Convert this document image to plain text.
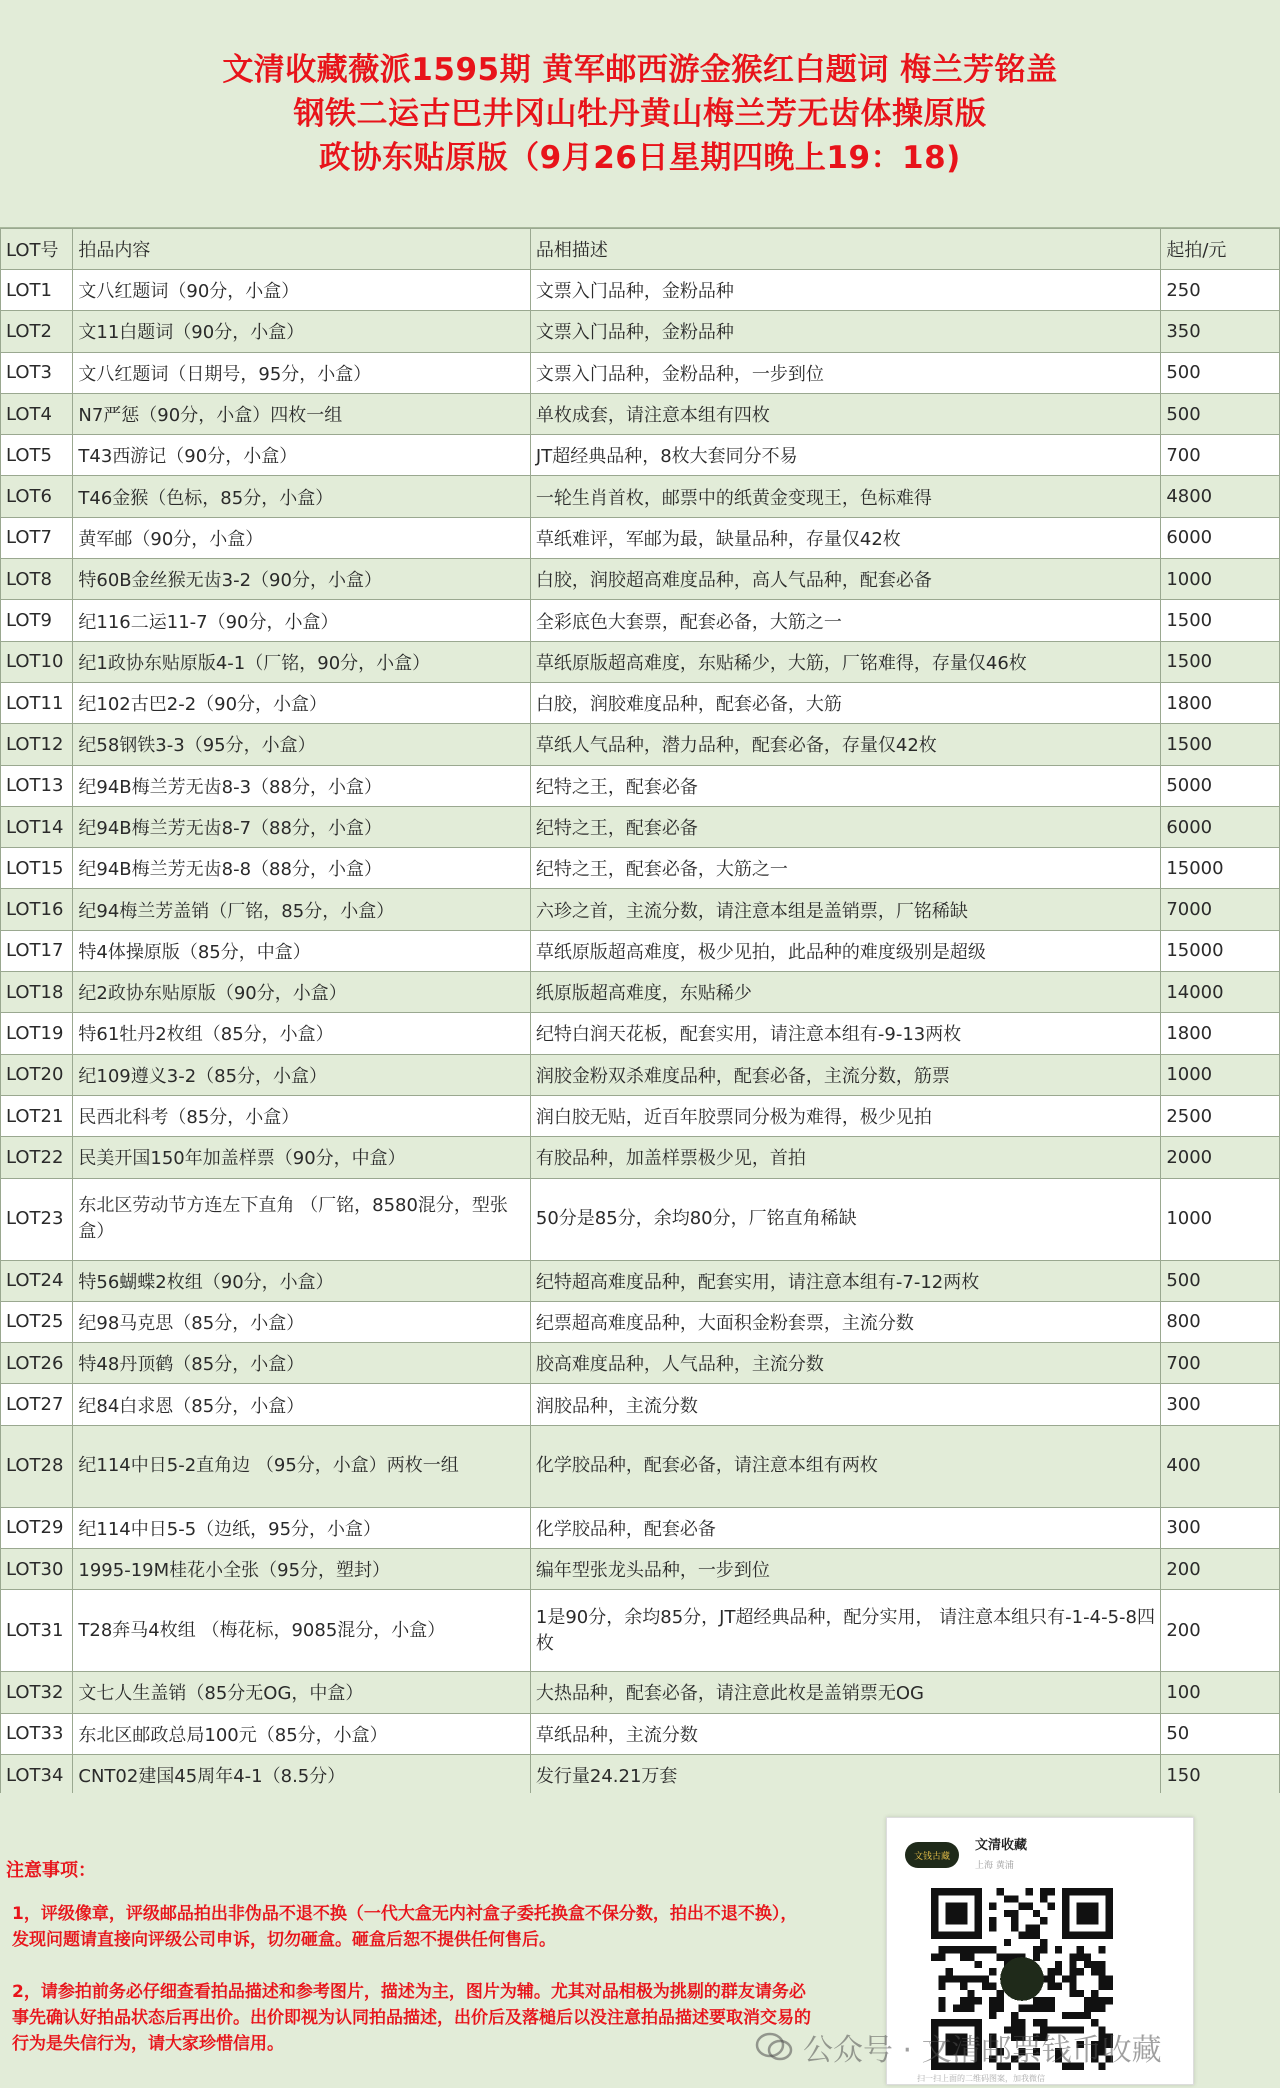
文清收藏薇派1595期 黄军邮西游金猴红白题词 梅兰芳铭盖
钢铁二运古巴井冈山牡丹黄山梅兰芳无齿体操原版
政协东贴原版（9月26日星期四晚上19：18)
LOT号	拍品内容	品相描述	起拍/元
LOT1	文八红题词（90分，小盒）	文票入门品种，金粉品种	250
LOT2	文11白题词（90分，小盒）	文票入门品种，金粉品种	350
LOT3	文八红题词（日期号，95分，小盒）	文票入门品种，金粉品种，一步到位	500
LOT4	N7严惩（90分，小盒）四枚一组	单枚成套，请注意本组有四枚	500
LOT5	T43西游记（90分，小盒）	JT超经典品种，8枚大套同分不易	700
LOT6	T46金猴（色标，85分，小盒）	一轮生肖首枚，邮票中的纸黄金变现王，色标难得	4800
LOT7	黄军邮（90分，小盒）	草纸难评，军邮为最，缺量品种，存量仅42枚	6000
LOT8	特60B金丝猴无齿3-2（90分，小盒）	白胶，润胶超高难度品种，高人气品种，配套必备	1000
LOT9	纪116二运11-7（90分，小盒）	全彩底色大套票，配套必备，大筋之一	1500
LOT10	纪1政协东贴原版4-1（厂铭，90分，小盒）	草纸原版超高难度，东贴稀少，大筋，厂铭难得，存量仅46枚	1500
LOT11	纪102古巴2-2（90分，小盒）	白胶，润胶难度品种，配套必备，大筋	1800
LOT12	纪58钢铁3-3（95分，小盒）	草纸人气品种，潜力品种，配套必备，存量仅42枚	1500
LOT13	纪94B梅兰芳无齿8-3（88分，小盒）	纪特之王，配套必备	5000
LOT14	纪94B梅兰芳无齿8-7（88分，小盒）	纪特之王，配套必备	6000
LOT15	纪94B梅兰芳无齿8-8（88分，小盒）	纪特之王，配套必备，大筋之一	15000
LOT16	纪94梅兰芳盖销（厂铭，85分，小盒）	六珍之首，主流分数，请注意本组是盖销票，厂铭稀缺	7000
LOT17	特4体操原版（85分，中盒）	草纸原版超高难度，极少见拍，此品种的难度级别是超级	15000
LOT18	纪2政协东贴原版（90分，小盒）	纸原版超高难度，东贴稀少	14000
LOT19	特61牡丹2枚组（85分，小盒）	纪特白润天花板，配套实用，请注意本组有-9-13两枚	1800
LOT20	纪109遵义3-2（85分，小盒）	润胶金粉双杀难度品种，配套必备，主流分数，筋票	1000
LOT21	民西北科考（85分，小盒）	润白胶无贴，近百年胶票同分极为难得，极少见拍	2500
LOT22	民美开国150年加盖样票（90分，中盒）	有胶品种，加盖样票极少见，首拍	2000
LOT23	东北区劳动节方连左下直角 （厂铭，8580混分，型张盒）	50分是85分，余均80分，厂铭直角稀缺	1000
LOT24	特56蝴蝶2枚组（90分，小盒）	纪特超高难度品种，配套实用，请注意本组有-7-12两枚	500
LOT25	纪98马克思（85分，小盒）	纪票超高难度品种，大面积金粉套票，主流分数	800
LOT26	特48丹顶鹤（85分，小盒）	胶高难度品种，人气品种，主流分数	700
LOT27	纪84白求恩（85分，小盒）	润胶品种，主流分数	300
LOT28	纪114中日5-2直角边 （95分，小盒）两枚一组	化学胶品种，配套必备，请注意本组有两枚	400
LOT29	纪114中日5-5（边纸，95分，小盒）	化学胶品种，配套必备	300
LOT30	1995-19M桂花小全张（95分，塑封）	编年型张龙头品种，一步到位	200
LOT31	T28奔马4枚组 （梅花标，9085混分，小盒）	1是90分，余均85分，JT超经典品种，配分实用， 请注意本组只有-1-4-5-8四枚	200
LOT32	文七人生盖销（85分无OG，中盒）	大热品种，配套必备，请注意此枚是盖销票无OG	100
LOT33	东北区邮政总局100元（85分，小盒）	草纸品种，主流分数	50
LOT34	CNT02建国45周年4-1（8.5分）	发行量24.21万套	150
注意事项：
1，评级像章，评级邮品拍出非伪品不退不换（一代大盒无内衬盒子委托换盒不保分数，拍出不退不换），发现问题请直接向评级公司申诉，切勿砸盒。砸盒后恕不提供任何售后。
2，请参拍前务必仔细查看拍品描述和参考图片，描述为主，图片为辅。尤其对品相极为挑剔的群友请务必事先确认好拍品状态后再出价。出价即视为认同拍品描述，出价后及落槌后以没注意拍品描述要取消交易的行为是失信行为，请大家珍惜信用。
文钱古藏
文清收藏
上海 黄浦
扫一扫上面的二维码图案，加我微信
公众号 · 文清邮票钱币收藏
